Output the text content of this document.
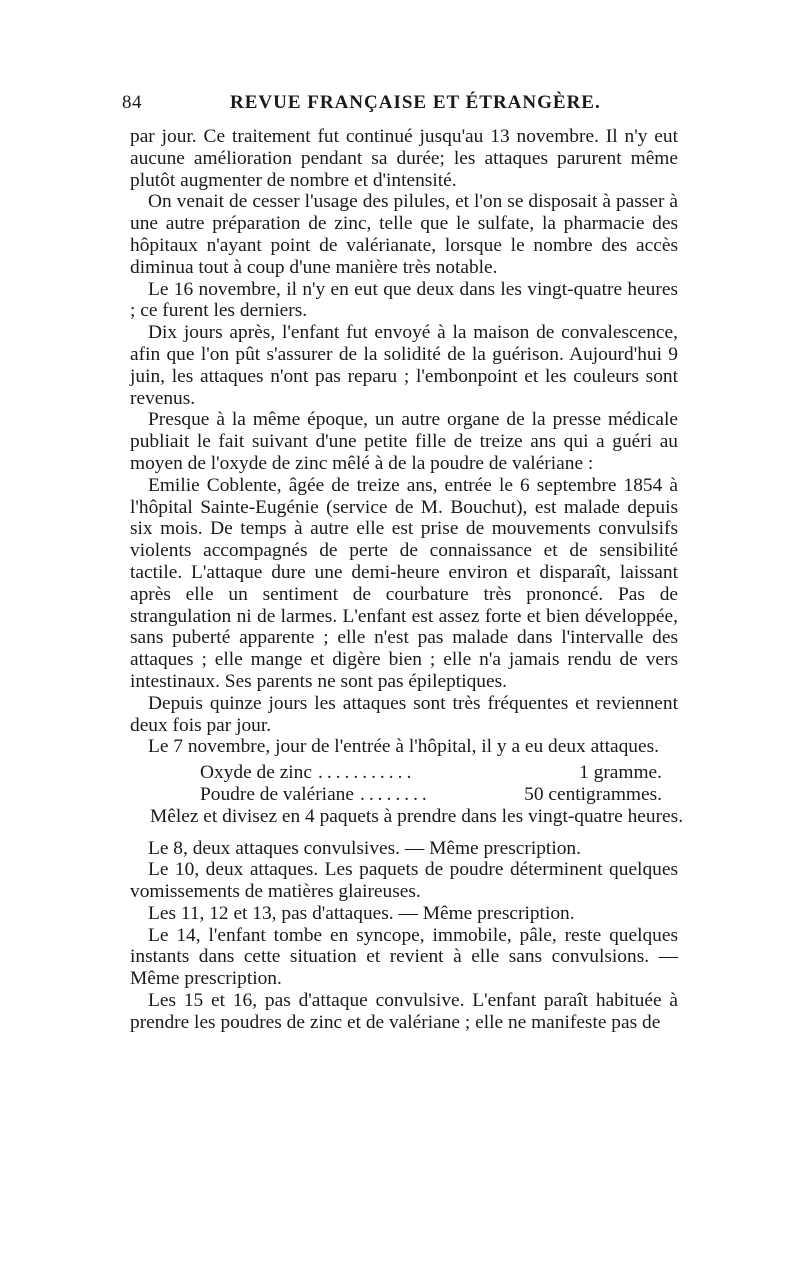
84	REVUE FRANÇAISE ET ÉTRANGÈRE.

par jour. Ce traitement fut continué jusqu'au 13 novembre. Il n'y eut aucune amélioration pendant sa durée; les attaques parurent même plutôt augmenter de nombre et d'intensité.

On venait de cesser l'usage des pilules, et l'on se disposait à passer à une autre préparation de zinc, telle que le sulfate, la pharmacie des hôpitaux n'ayant point de valérianate, lorsque le nombre des accès diminua tout à coup d'une manière très notable.

Le 16 novembre, il n'y en eut que deux dans les vingt-quatre heures ; ce furent les derniers.

Dix jours après, l'enfant fut envoyé à la maison de convalescence, afin que l'on pût s'assurer de la solidité de la guérison. Aujourd'hui 9 juin, les attaques n'ont pas reparu ; l'embonpoint et les couleurs sont revenus.

Presque à la même époque, un autre organe de la presse médicale publiait le fait suivant d'une petite fille de treize ans qui a guéri au moyen de l'oxyde de zinc mêlé à de la poudre de valériane :

Emilie Coblente, âgée de treize ans, entrée le 6 septembre 1854 à l'hôpital Sainte-Eugénie (service de M. Bouchut), est malade depuis six mois. De temps à autre elle est prise de mouvements convulsifs violents accompagnés de perte de connaissance et de sensibilité tactile. L'attaque dure une demi-heure environ et disparaît, laissant après elle un sentiment de courbature très prononcé. Pas de strangulation ni de larmes. L'enfant est assez forte et bien développée, sans puberté apparente ; elle n'est pas malade dans l'intervalle des attaques ; elle mange et digère bien ; elle n'a jamais rendu de vers intestinaux. Ses parents ne sont pas épileptiques.

Depuis quinze jours les attaques sont très fréquentes et reviennent deux fois par jour.

Le 7 novembre, jour de l'entrée à l'hôpital, il y a eu deux attaques.

Oxyde de zinc ...........	1 gramme.
Poudre de valériane ........	50 centigrammes.
Mêlez et divisez en 4 paquets à prendre dans les vingt-quatre heures.

Le 8, deux attaques convulsives. — Même prescription.

Le 10, deux attaques. Les paquets de poudre déterminent quelques vomissements de matières glaireuses.

Les 11, 12 et 13, pas d'attaques. — Même prescription.

Le 14, l'enfant tombe en syncope, immobile, pâle, reste quelques instants dans cette situation et revient à elle sans convulsions. — Même prescription.

Les 15 et 16, pas d'attaque convulsive. L'enfant paraît habituée à prendre les poudres de zinc et de valériane ; elle ne manifeste pas de
